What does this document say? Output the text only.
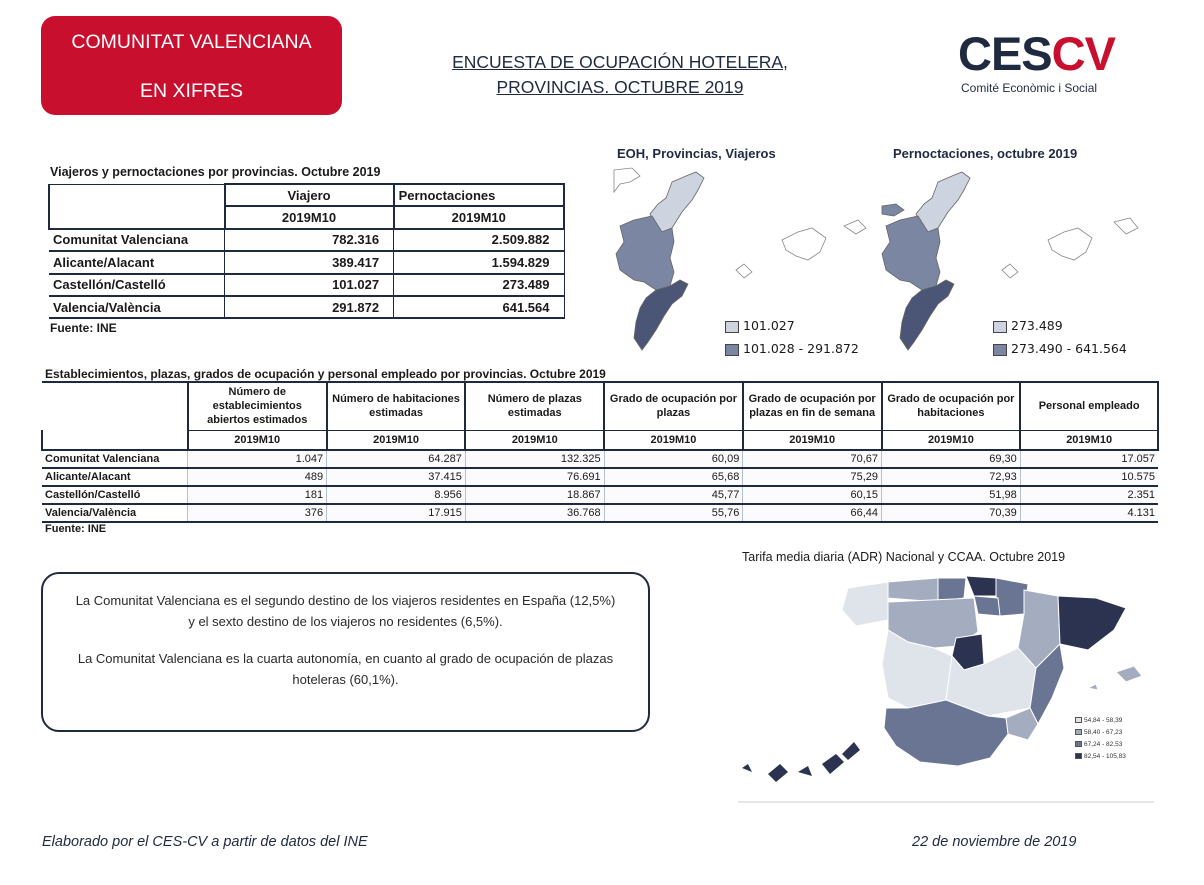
COMUNITAT VALENCIANA
EN XIFRES
ENCUESTA DE OCUPACIÓN HOTELERA,
PROVINCIAS. OCTUBRE 2019
CESCV
Comité Econòmic i Social
Viajeros y pernoctaciones por provincias. Octubre 2019
	Viajero	Pernoctaciones
	2019M10	2019M10
Comunitat Valenciana	782.316	2.509.882
Alicante/Alacant	389.417	1.594.829
Castellón/Castelló	101.027	273.489
Valencia/València	291.872	641.564
Fuente: INE
EOH, Provincias, Viajeros
101.027
101.028 - 291.872
Pernoctaciones, octubre 2019
273.489
273.490 - 641.564
Establecimientos, plazas, grados de ocupación y personal empleado por provincias. Octubre 2019
	Número de establecimientos abiertos estimados	Número de habitaciones estimadas	Número de plazas estimadas	Grado de ocupación por plazas	Grado de ocupación por plazas en fin de semana	Grado de ocupación por habitaciones	Personal empleado
	2019M10	2019M10	2019M10	2019M10	2019M10	2019M10	2019M10
Comunitat Valenciana	1.047	64.287	132.325	60,09	70,67	69,30	17.057
Alicante/Alacant	489	37.415	76.691	65,68	75,29	72,93	10.575
Castellón/Castelló	181	8.956	18.867	45,77	60,15	51,98	2.351
Valencia/València	376	17.915	36.768	55,76	66,44	70,39	4.131
Fuente: INE

La Comunitat Valenciana es el segundo destino de los viajeros residentes en España (12,5%) y el sexto destino de los viajeros no residentes (6,5%).

La Comunitat Valenciana es la cuarta autonomía, en cuanto al grado de ocupación de plazas hoteleras (60,1%).

Tarifa media diaria (ADR) Nacional y CCAA. Octubre 2019
54,84 - 58,39
58,40 - 67,23
67,24 - 82,53
82,54 - 105,83
Elaborado por el CES-CV a partir de datos del INE	22 de noviembre de 2019
